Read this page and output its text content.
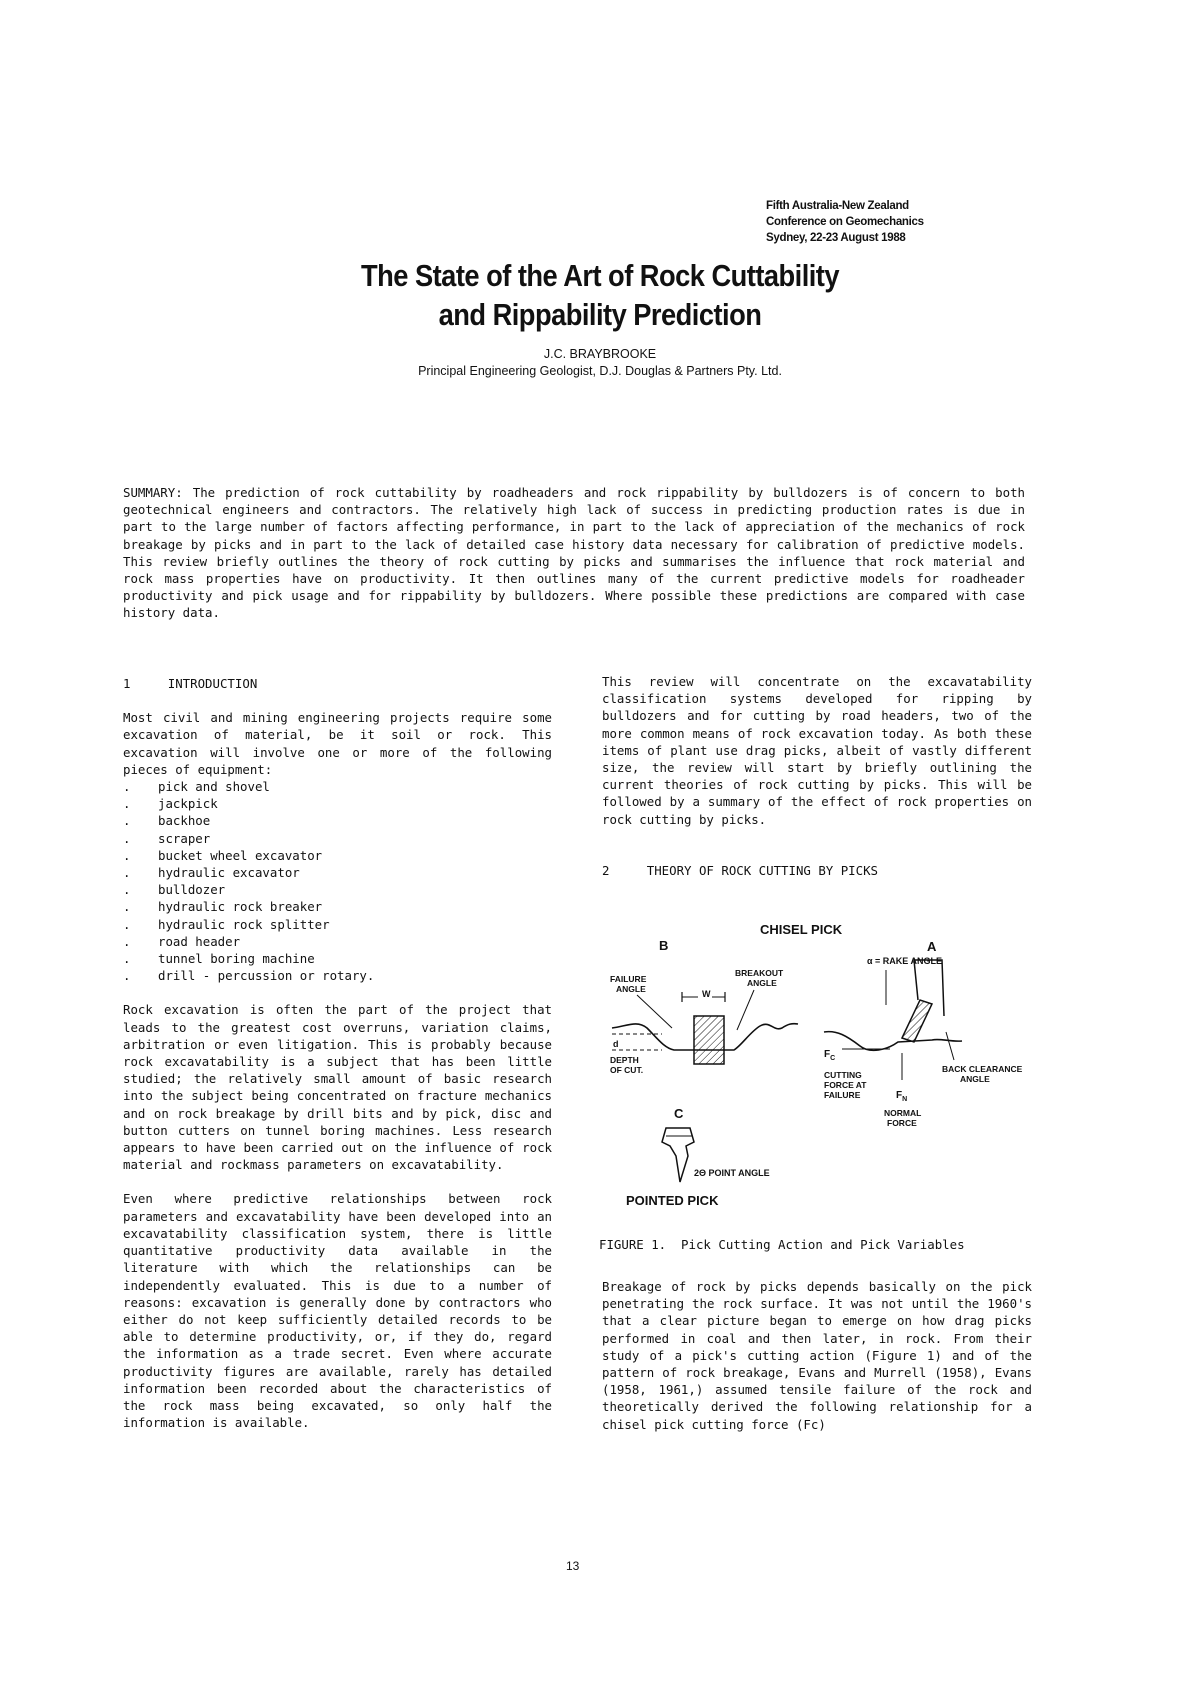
Fifth Australia-New Zealand
Conference on Geomechanics
Sydney, 22-23 August 1988
The State of the Art of Rock Cuttability
and Rippability Prediction
J.C. BRAYBROOKE
Principal Engineering Geologist, D.J. Douglas & Partners Pty. Ltd.

SUMMARY: The prediction of rock cuttability by roadheaders and rock rippability by bulldozers is of concern to both geotechnical engineers and contractors. The relatively high lack of success in predicting production rates is due in part to the large number of factors affecting performance, in part to the lack of appreciation of the mechanics of rock breakage by picks and in part to the lack of detailed case history data necessary for calibration of predictive models. This review briefly outlines the theory of rock cutting by picks and summarises the influence that rock material and rock mass properties have on productivity. It then outlines many of the current predictive models for roadheader productivity and pick usage and for rippability by bulldozers. Where possible these predictions are compared with case history data.

1     INTRODUCTION

Most civil and mining engineering projects require some excavation of material, be it soil or rock. This excavation will involve one or more of the following pieces of equipment:

. pick and shovel
. jackpick
. backhoe
. scraper
. bucket wheel excavator
. hydraulic excavator
. bulldozer
. hydraulic rock breaker
. hydraulic rock splitter
. road header
. tunnel boring machine
. drill - percussion or rotary.

Rock excavation is often the part of the project that leads to the greatest cost overruns, variation claims, arbitration or even litigation. This is probably because rock excavatability is a subject that has been little studied; the relatively small amount of basic research into the subject being concentrated on fracture mechanics and on rock breakage by drill bits and by pick, disc and button cutters on tunnel boring machines. Less research appears to have been carried out on the influence of rock material and rockmass parameters on excavatability.

Even where predictive relationships between rock parameters and excavatability have been developed into an excavatability classification system, there is little quantitative productivity data available in the literature with which the relationships can be independently evaluated. This is due to a number of reasons: excavation is generally done by contractors who either do not keep sufficiently detailed records to be able to determine productivity, or, if they do, regard the information as a trade secret. Even where accurate productivity figures are available, rarely has detailed information been recorded about the characteristics of the rock mass being excavated, so only half the information is available.

This review will concentrate on the excavatability classification systems developed for ripping by bulldozers and for cutting by road headers, two of the more common means of rock excavation today. As both these items of plant use drag picks, albeit of vastly different size, the review will start by briefly outlining the current theories of rock cutting by picks. This will be followed by a summary of the effect of rock properties on rock cutting by picks.

2     THEORY OF ROCK CUTTING BY PICKS

CHISEL PICK
B	A
FAILURE
ANGLE
BREAKOUT
ANGLE
W
d
DEPTH
OF CUT.
α = RAKE ANGLE
$F_C$
CUTTING
FORCE AT
FAILURE	$F_N$
NORMAL
FORCE
BACK CLEARANCE
ANGLE
C
2Θ POINT ANGLE
POINTED PICK
FIGURE 1.  Pick Cutting Action and Pick Variables

Breakage of rock by picks depends basically on the pick penetrating the rock surface. It was not until the 1960's that a clear picture began to emerge on how drag picks performed in coal and then later, in rock. From their study of a pick's cutting action (Figure 1) and of the pattern of rock breakage, Evans and Murrell (1958), Evans (1958, 1961,) assumed tensile failure of the rock and theoretically derived the following relationship for a chisel pick cutting force (Fc)

13
